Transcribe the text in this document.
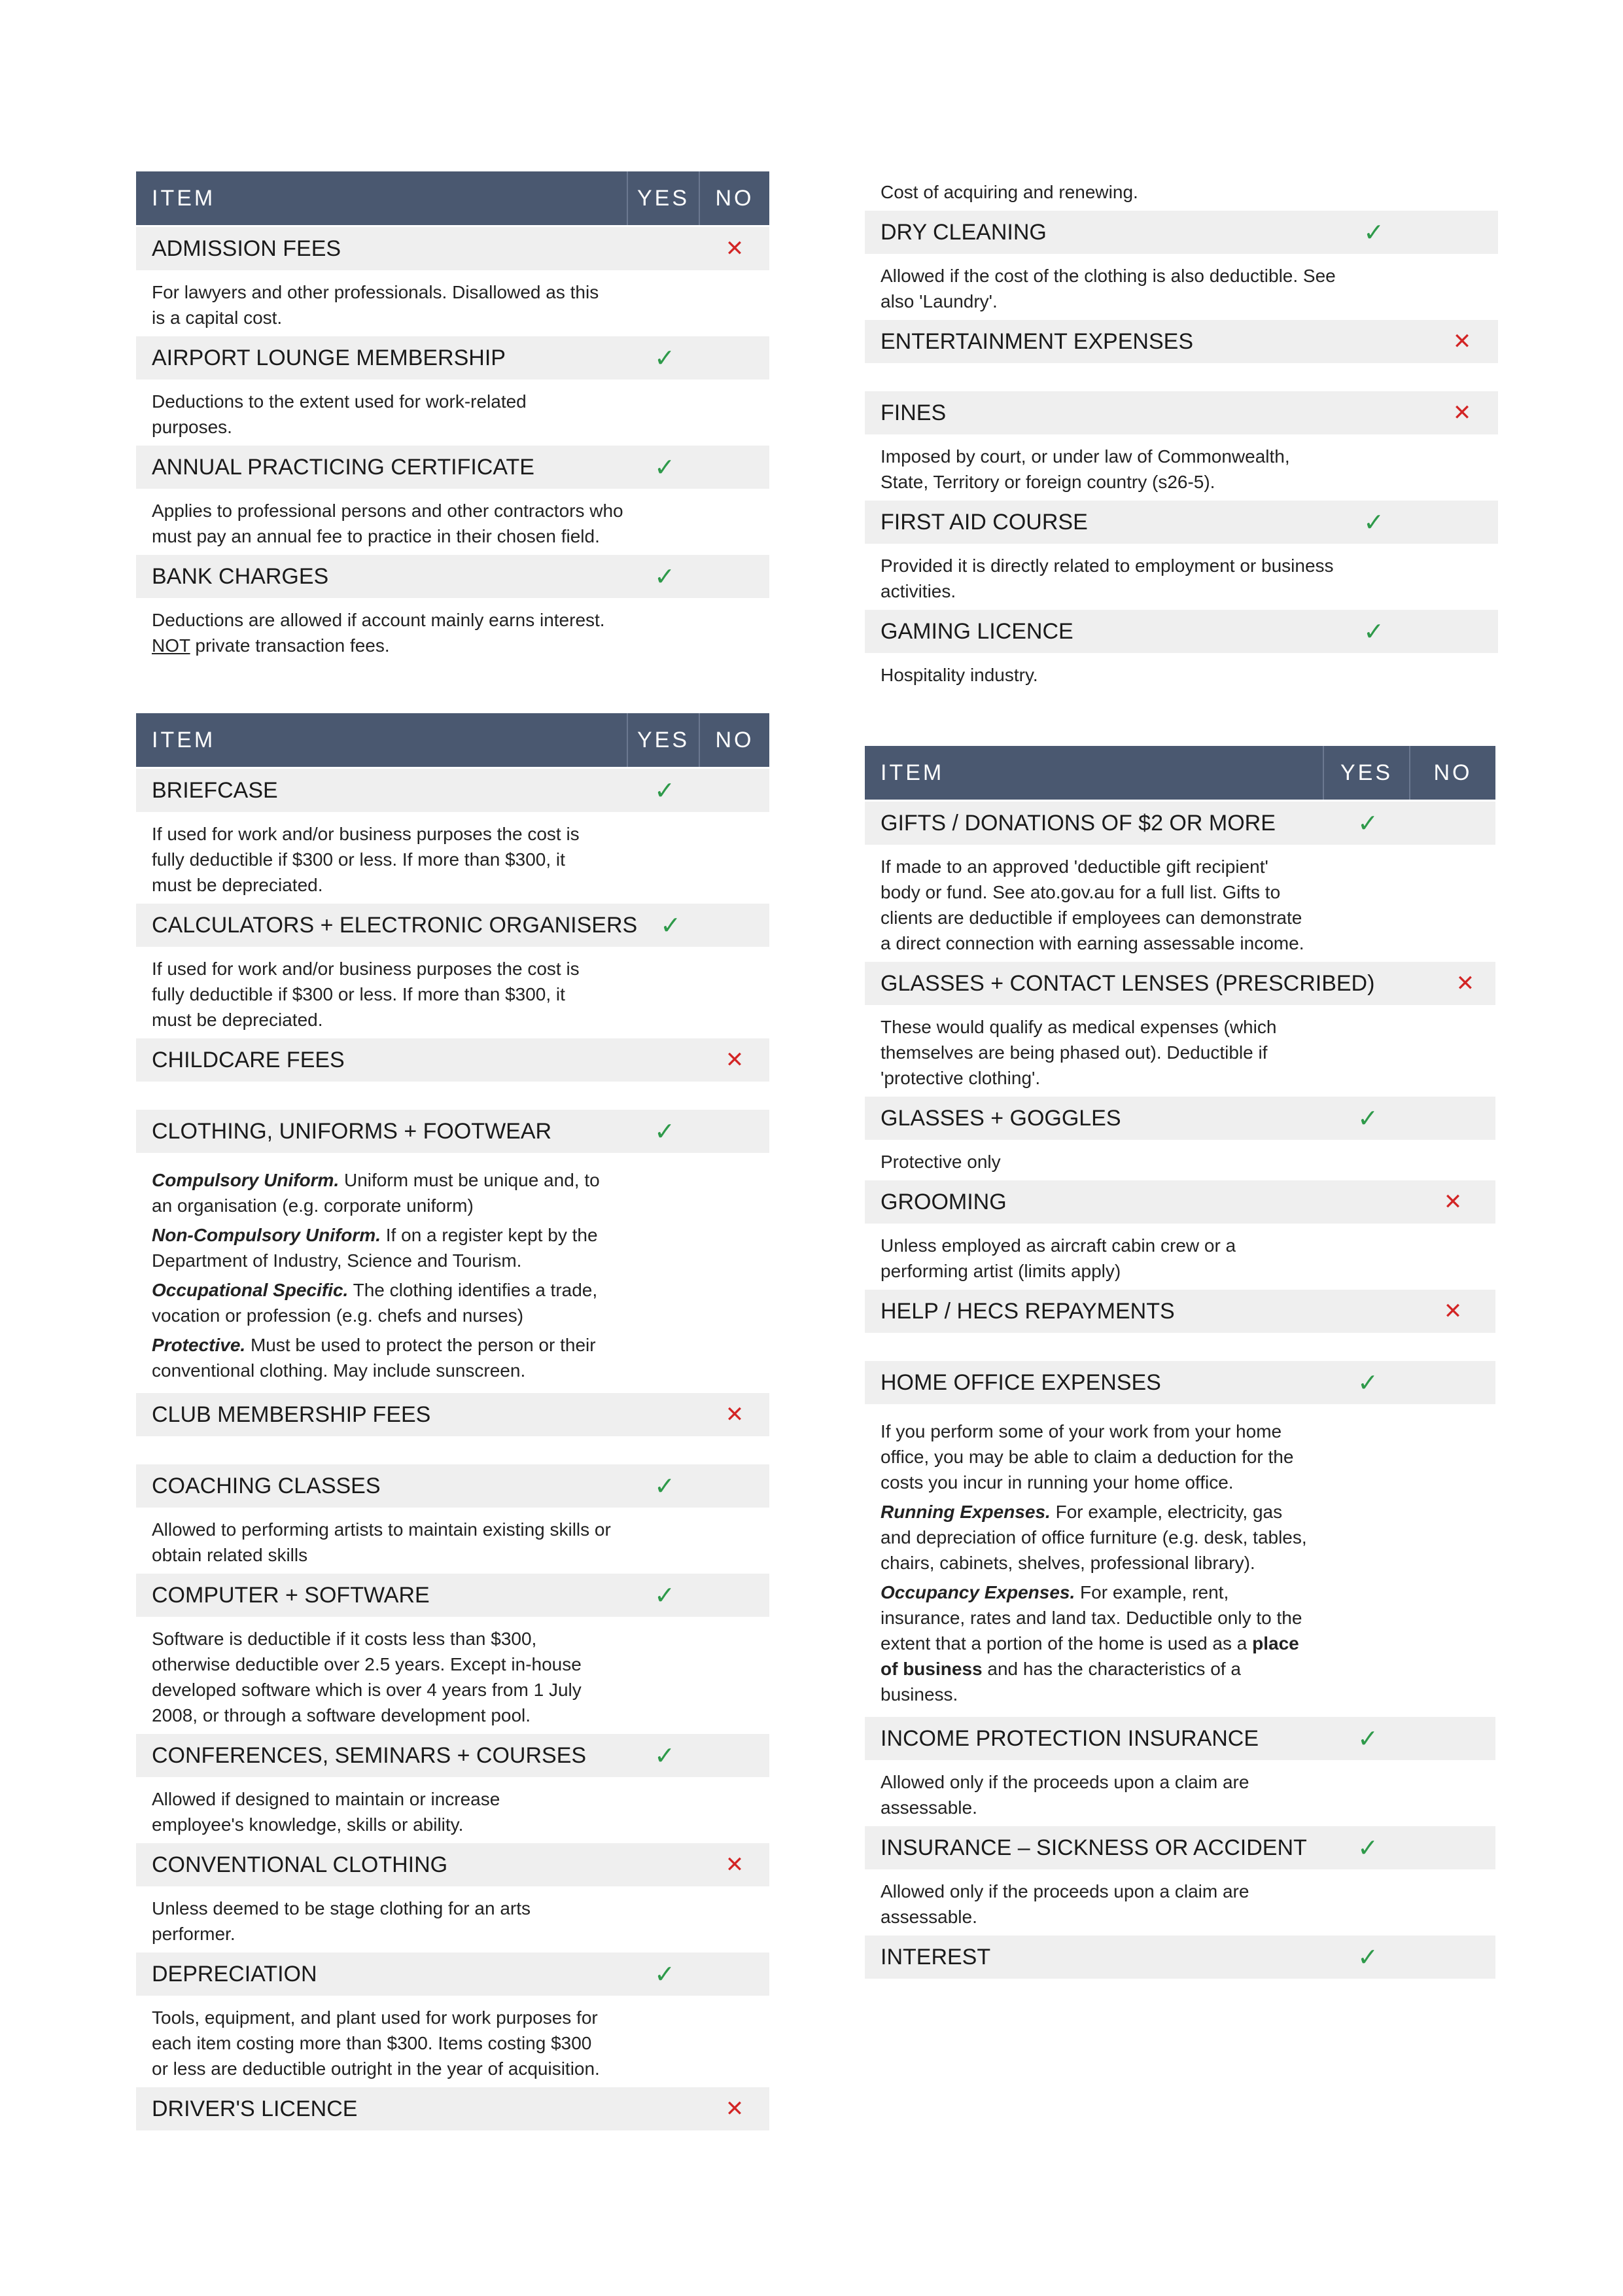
ITEM	YES	NO
ADMISSION FEES	✕
For lawyers and other professionals. Disallowed as this is a capital cost.
AIRPORT LOUNGE MEMBERSHIP	✓
Deductions to the extent used for work-related purposes.
ANNUAL PRACTICING CERTIFICATE	✓
Applies to professional persons and other contractors who must pay an annual fee to practice in their chosen field.
BANK CHARGES	✓
Deductions are allowed if account mainly earns interest. NOT private transaction fees.
ITEM	YES	NO
BRIEFCASE	✓
If used for work and/or business purposes the cost is fully deductible if $300 or less. If more than $300, it must be depreciated.
CALCULATORS + ELECTRONIC ORGANISERS ✓
If used for work and/or business purposes the cost is fully deductible if $300 or less. If more than $300, it must be depreciated.
CHILDCARE FEES	✕
CLOTHING, UNIFORMS + FOOTWEAR	✓

Compulsory Uniform. Uniform must be unique and, to an organisation (e.g. corporate uniform)

Non-Compulsory Uniform. If on a register kept by the Department of Industry, Science and Tourism.

Occupational Specific. The clothing identifies a trade, vocation or profession (e.g. chefs and nurses)

Protective. Must be used to protect the person or their conventional clothing. May include sunscreen.

CLUB MEMBERSHIP FEES	✕
COACHING CLASSES	✓
Allowed to performing artists to maintain existing skills or obtain related skills
COMPUTER + SOFTWARE	✓
Software is deductible if it costs less than $300, otherwise deductible over 2.5 years. Except in-house developed software which is over 4 years from 1 July 2008, or through a software development pool.
CONFERENCES, SEMINARS + COURSES	✓
Allowed if designed to maintain or increase employee's knowledge, skills or ability.
CONVENTIONAL CLOTHING	✕
Unless deemed to be stage clothing for an arts performer.
DEPRECIATION	✓
Tools, equipment, and plant used for work purposes for each item costing more than $300. Items costing $300 or less are deductible outright in the year of acquisition.
DRIVER'S LICENCE	✕
Cost of acquiring and renewing.
DRY CLEANING	✓
Allowed if the cost of the clothing is also deductible. See also 'Laundry'.
ENTERTAINMENT EXPENSES	✕
FINES	✕
Imposed by court, or under law of Commonwealth, State, Territory or foreign country (s26-5).
FIRST AID COURSE	✓
Provided it is directly related to employment or business activities.
GAMING LICENCE	✓
Hospitality industry.
ITEM	YES	NO
GIFTS / DONATIONS OF $2 OR MORE	✓
If made to an approved 'deductible gift recipient' body or fund. See ato.gov.au for a full list. Gifts to clients are deductible if employees can demonstrate a direct connection with earning assessable income.
GLASSES + CONTACT LENSES (PRESCRIBED)	✕
These would qualify as medical expenses (which themselves are being phased out). Deductible if 'protective clothing'.
GLASSES + GOGGLES	✓
Protective only
GROOMING	✕
Unless employed as aircraft cabin crew or a performing artist (limits apply)
HELP / HECS REPAYMENTS	✕
HOME OFFICE EXPENSES	✓

If you perform some of your work from your home office, you may be able to claim a deduction for the costs you incur in running your home office.

Running Expenses. For example, electricity, gas and depreciation of office furniture (e.g. desk, tables, chairs, cabinets, shelves, professional library).

Occupancy Expenses. For example, rent, insurance, rates and land tax. Deductible only to the extent that a portion of the home is used as a place of business and has the characteristics of a business.

INCOME PROTECTION INSURANCE	✓
Allowed only if the proceeds upon a claim are assessable.
INSURANCE – SICKNESS OR ACCIDENT	✓
Allowed only if the proceeds upon a claim are assessable.
INTEREST	✓
